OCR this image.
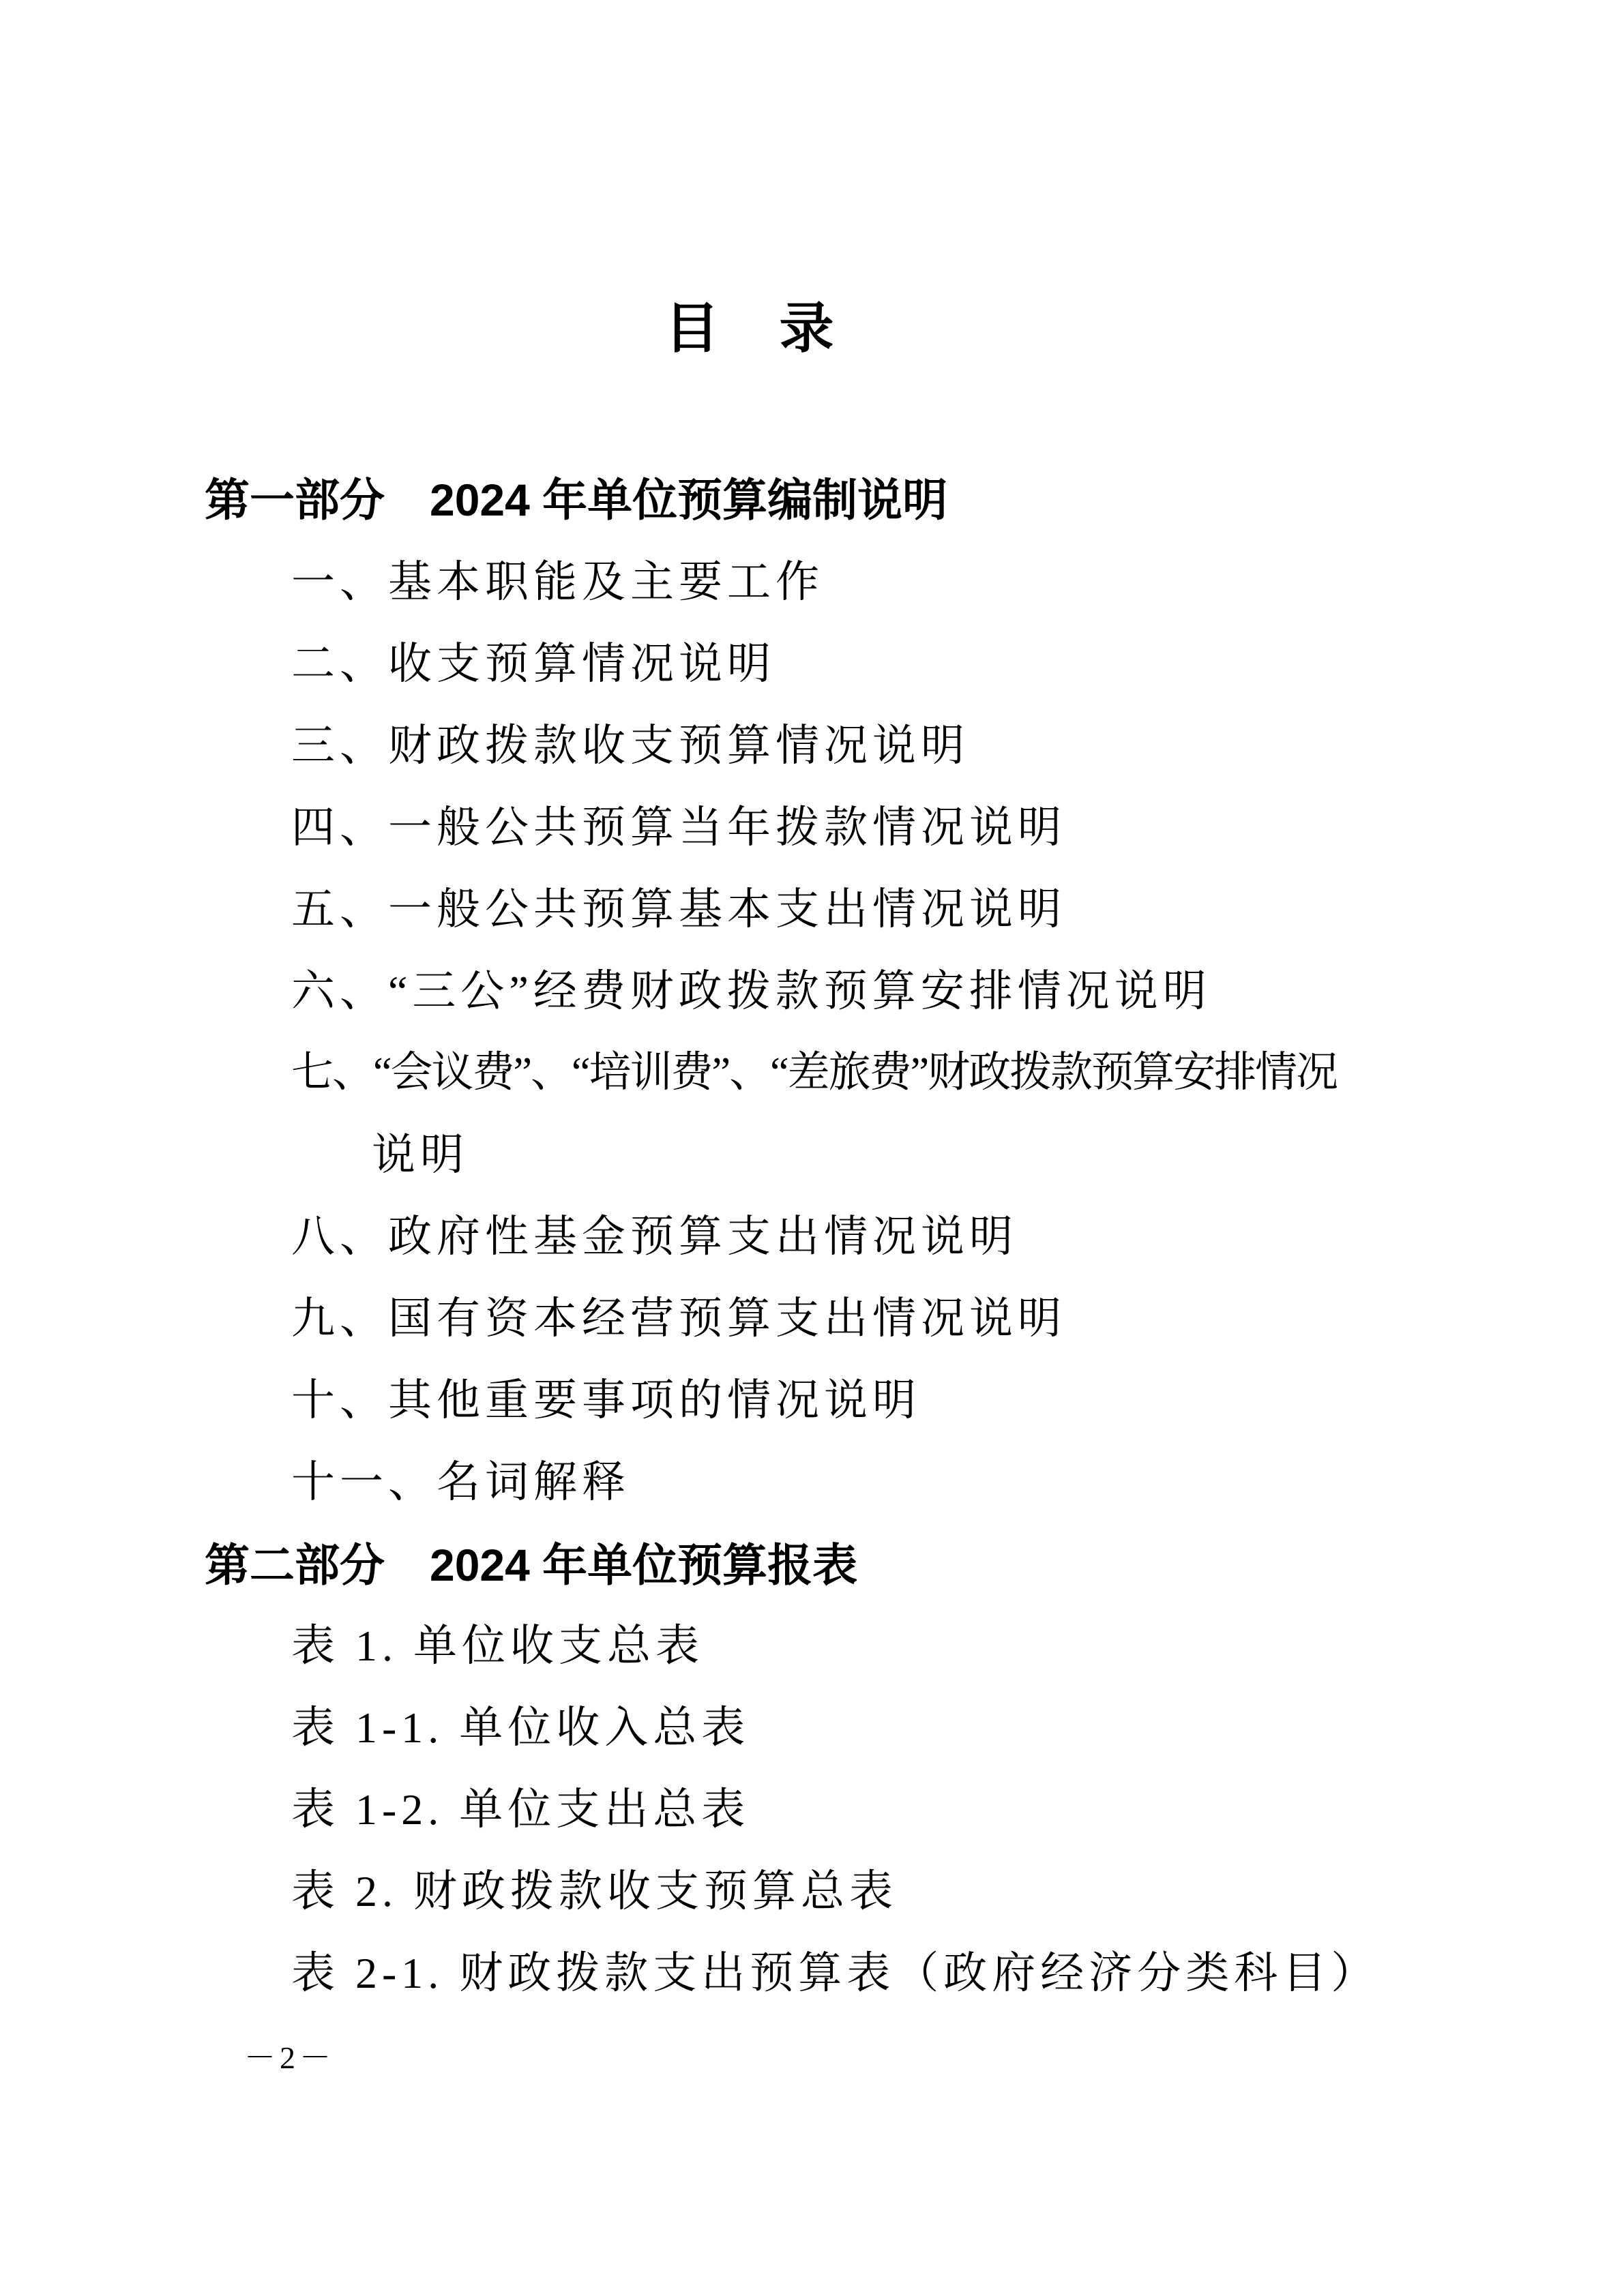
目　录
第一部分　2024 年单位预算编制说明
一、基本职能及主要工作
二、收支预算情况说明
三、财政拨款收支预算情况说明
四、一般公共预算当年拨款情况说明
五、一般公共预算基本支出情况说明
六、“三公”经费财政拨款预算安排情况说明
七、“会议费”、“培训费”、“差旅费”财政拨款预算安排情况
说明
八、政府性基金预算支出情况说明
九、国有资本经营预算支出情况说明
十、其他重要事项的情况说明
十一、名词解释
第二部分　2024 年单位预算报表
表 1. 单位收支总表
表 1-1. 单位收入总表
表 1-2. 单位支出总表
表 2. 财政拨款收支预算总表
表 2-1. 财政拨款支出预算表（政府经济分类科目）
－2－
